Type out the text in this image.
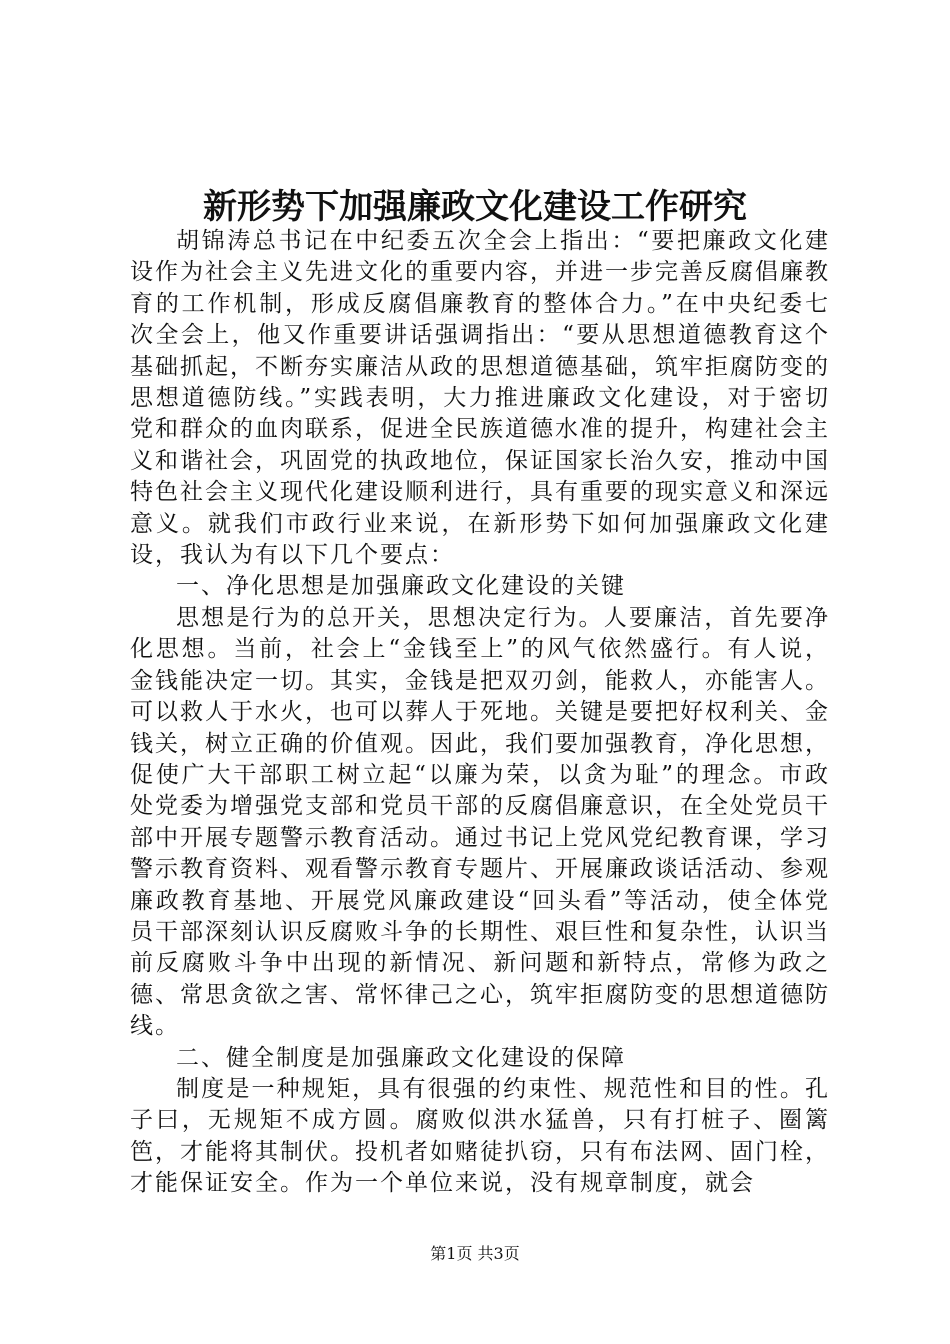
新形势下加强廉政文化建设工作研究

胡锦涛总书记在中纪委五次全会上指出：“要把廉政文化建设作为社会主义先进文化的重要内容，并进一步完善反腐倡廉教育的工作机制，形成反腐倡廉教育的整体合力。”在中央纪委七次全会上，他又作重要讲话强调指出：“要从思想道德教育这个基础抓起，不断夯实廉洁从政的思想道德基础，筑牢拒腐防变的思想道德防线。”实践表明，大力推进廉政文化建设，对于密切党和群众的血肉联系，促进全民族道德水准的提升，构建社会主义和谐社会，巩固党的执政地位，保证国家长治久安，推动中国特色社会主义现代化建设顺利进行，具有重要的现实意义和深远意义。就我们市政行业来说，在新形势下如何加强廉政文化建设，我认为有以下几个要点：

一、净化思想是加强廉政文化建设的关键

思想是行为的总开关，思想决定行为。人要廉洁，首先要净化思想。当前，社会上“金钱至上”的风气依然盛行。有人说，金钱能决定一切。其实，金钱是把双刃剑，能救人，亦能害人。可以救人于水火，也可以葬人于死地。关键是要把好权利关、金钱关，树立正确的价值观。因此，我们要加强教育，净化思想，促使广大干部职工树立起“以廉为荣，以贪为耻”的理念。市政处党委为增强党支部和党员干部的反腐倡廉意识，在全处党员干部中开展专题警示教育活动。通过书记上党风党纪教育课，学习警示教育资料、观看警示教育专题片、开展廉政谈话活动、参观廉政教育基地、开展党风廉政建设“回头看”等活动，使全体党员干部深刻认识反腐败斗争的长期性、艰巨性和复杂性，认识当前反腐败斗争中出现的新情况、新问题和新特点，常修为政之德、常思贪欲之害、常怀律己之心，筑牢拒腐防变的思想道德防线。

二、健全制度是加强廉政文化建设的保障

制度是一种规矩，具有很强的约束性、规范性和目的性。孔子曰，无规矩不成方圆。腐败似洪水猛兽，只有打桩子、圈篱笆，才能将其制伏。投机者如赌徒扒窃，只有布法网、固门栓，才能保证安全。作为一个单位来说，没有规章制度，就会

第1页 共3页
